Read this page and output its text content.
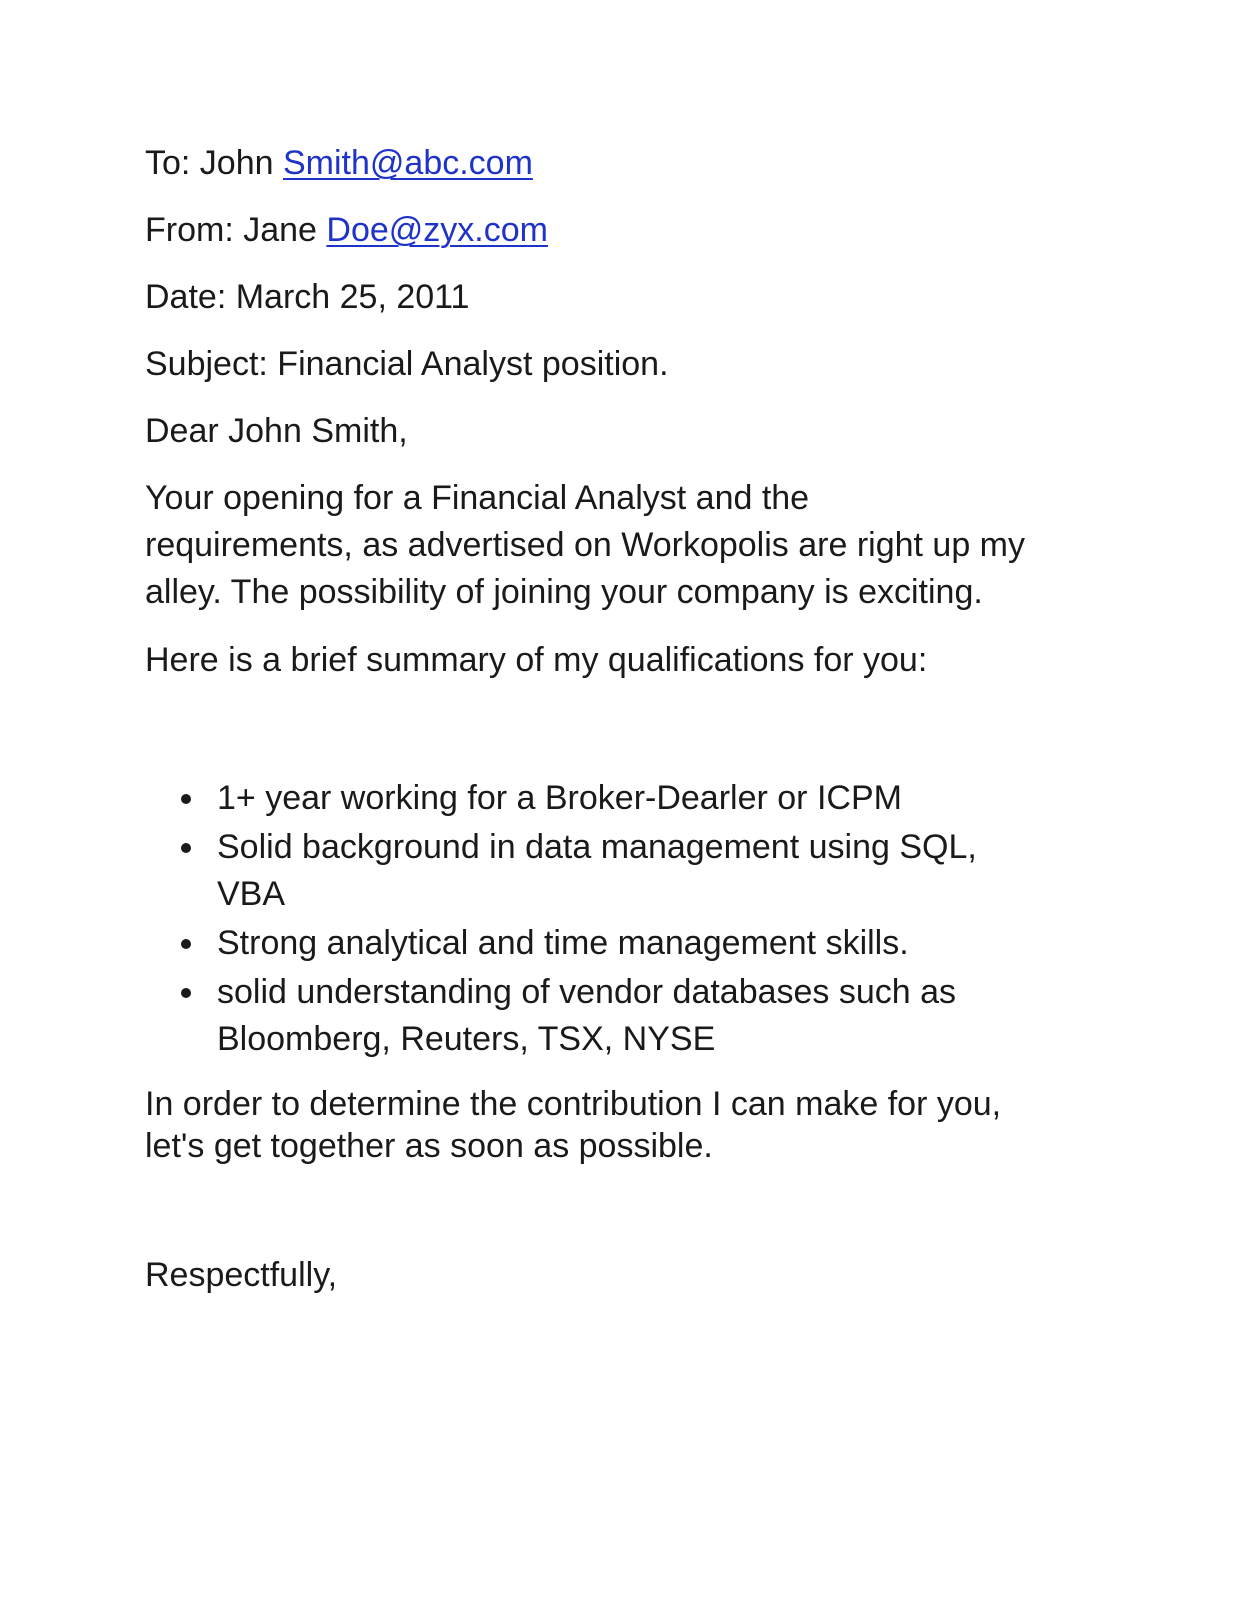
To: John Smith@abc.com

From: Jane Doe@zyx.com

Date: March 25, 2011

Subject: Financial Analyst position.

Dear John Smith,

Your opening for a Financial Analyst and the
requirements, as advertised on Workopolis are right up my
alley. The possibility of joining your company is exciting.

Here is a brief summary of my qualifications for you:

1+ year working for a Broker-Dearler or ICPM
Solid background in data management using SQL,
VBA
Strong analytical and time management skills.
solid understanding of vendor databases such as
Bloomberg, Reuters, TSX, NYSE
In order to determine the contribution I can make for you,
let's get together as soon as possible.

Respectfully,
